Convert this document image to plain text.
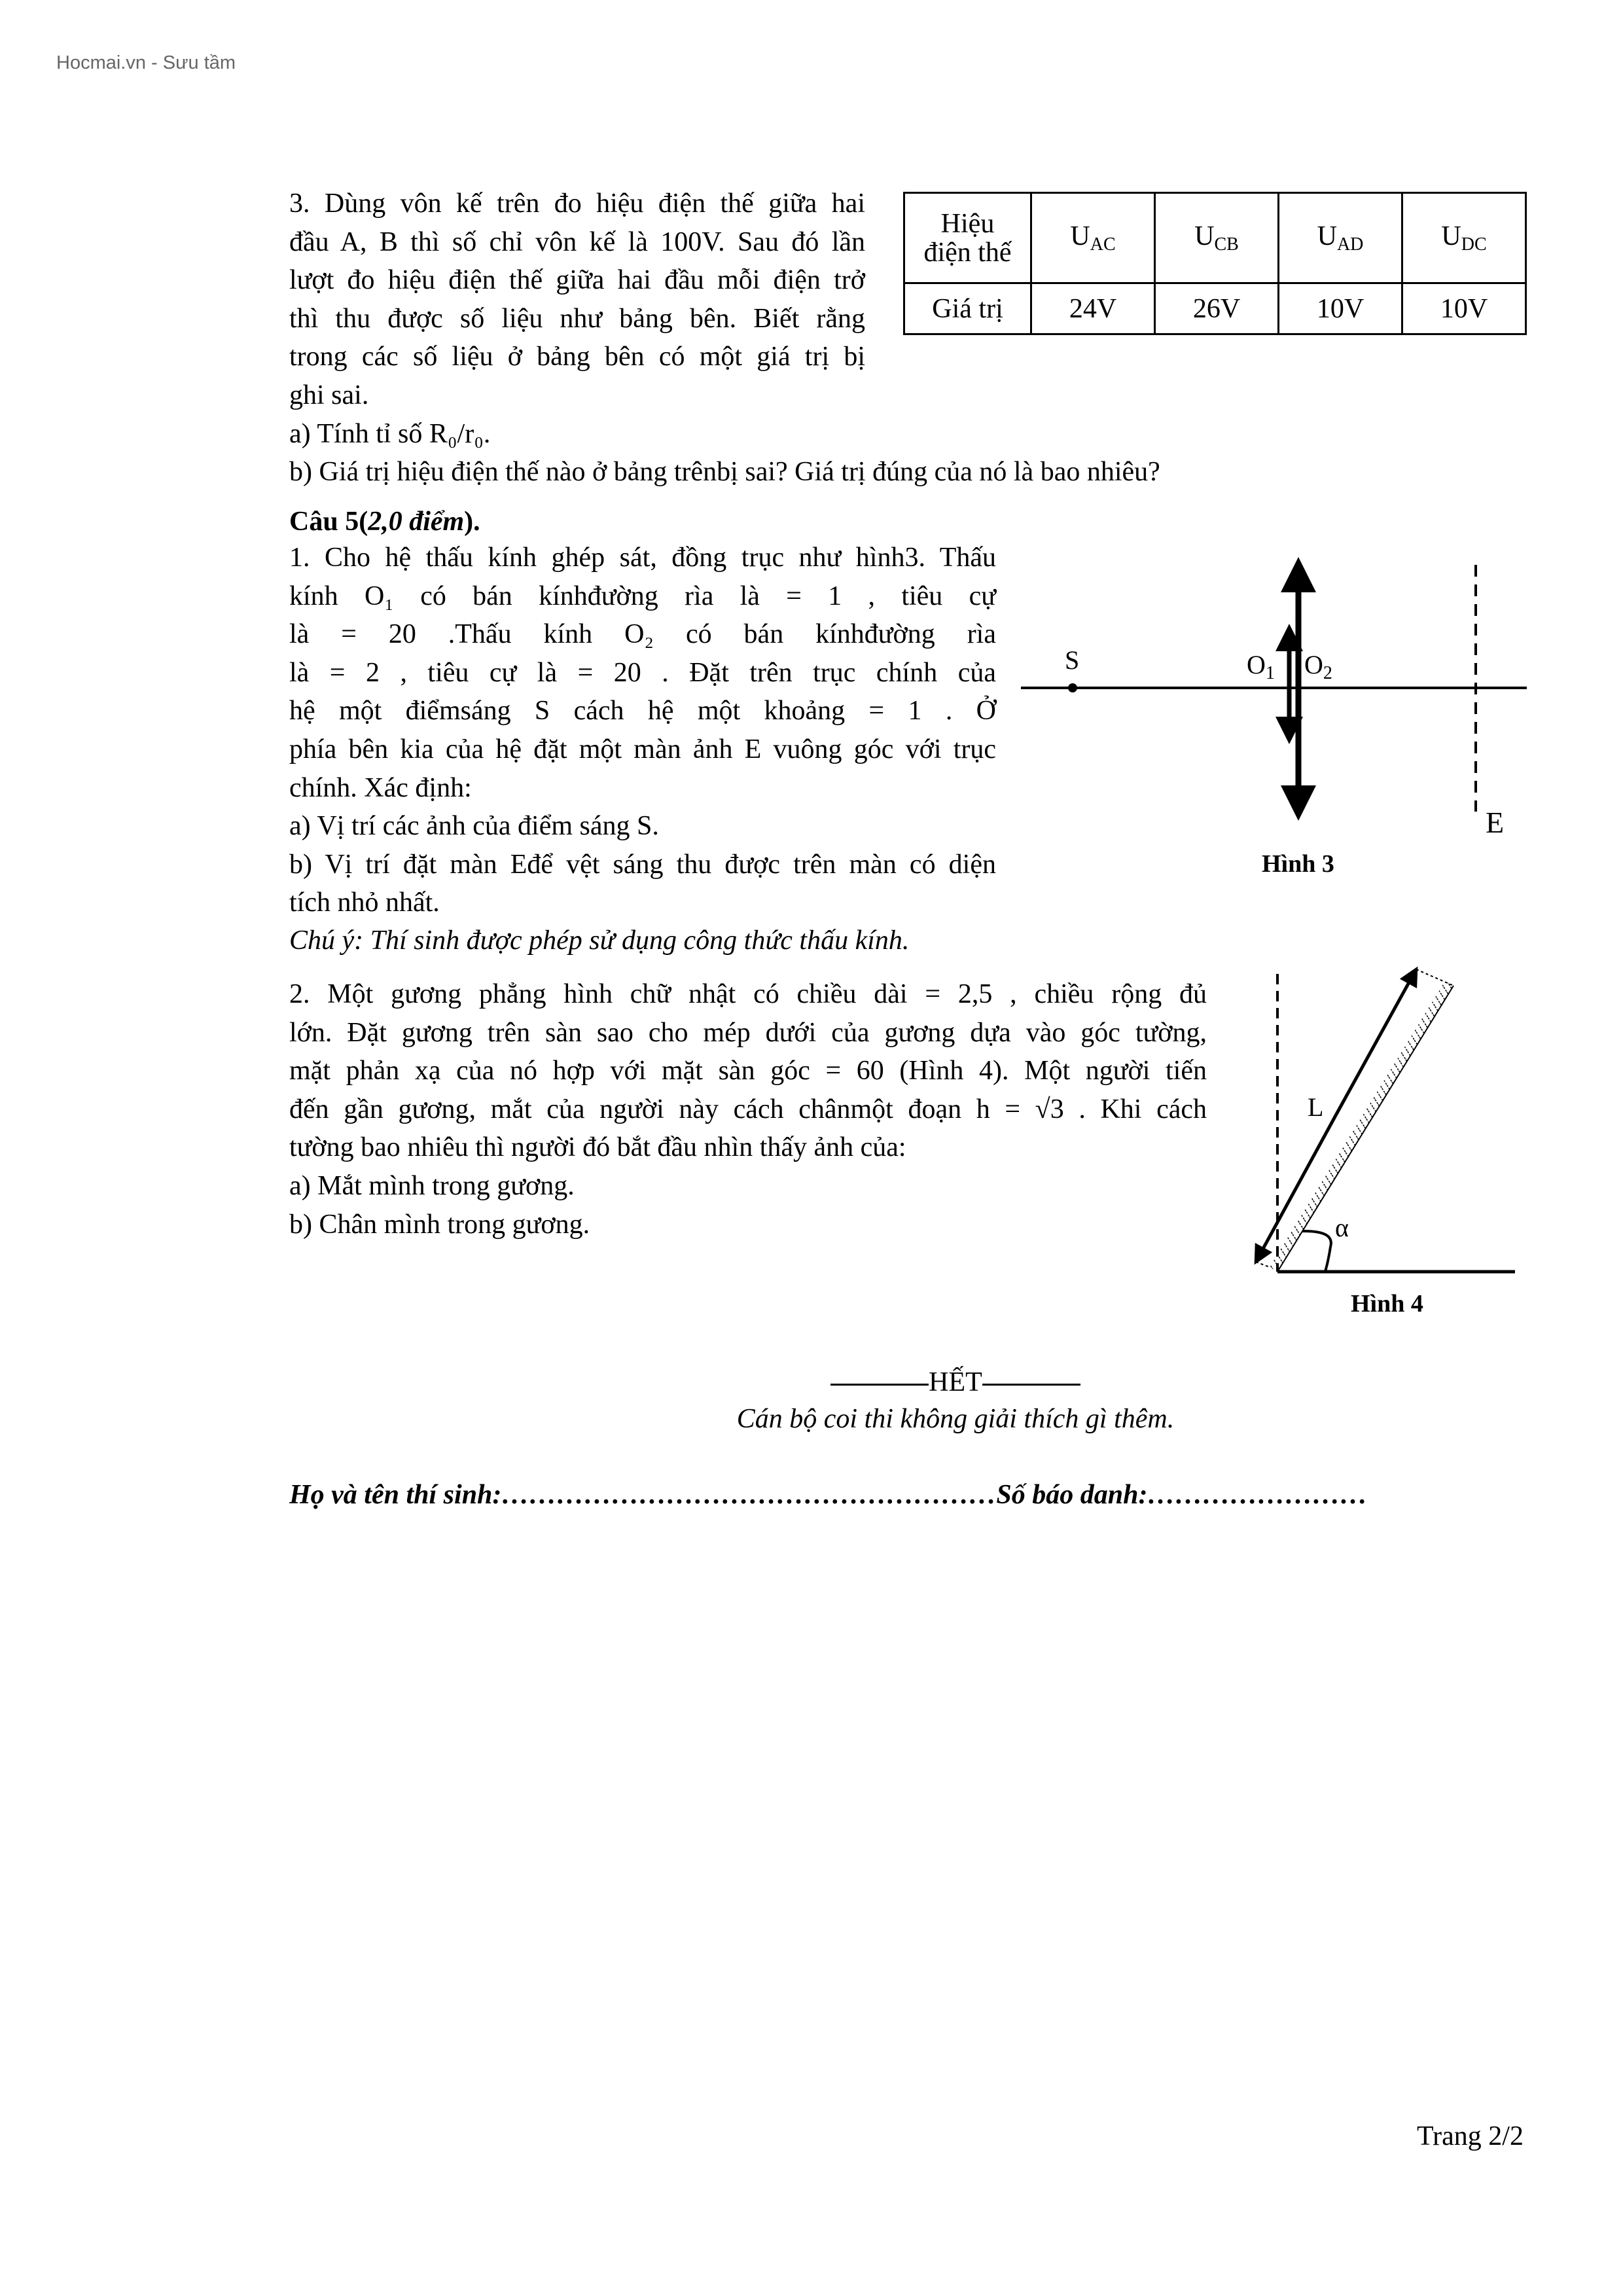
Hocmai.vn - Sưu tầm
3. Dùng vôn kế trên đo hiệu điện thế giữa hai
đầu A, B thì số chỉ vôn kế là 100V. Sau đó lần
lượt đo hiệu điện thế giữa hai đầu mỗi điện trở
thì thu được số liệu như bảng bên. Biết rằng
trong các số liệu ở bảng bên có một giá trị bị
ghi sai.
a) Tính tỉ số R₀/r₀.
b) Giá trị hiệu điện thế nào ở bảng trênbị sai? Giá trị đúng của nó là bao nhiêu?
Hiệu
điện thế	$U_{AC}$	$U_{CB}$	$U_{AD}$	$U_{DC}$
Giá trị	24V	26V	10V	10V
Câu 5(2,0 điểm).
1. Cho hệ thấu kính ghép sát, đồng trục như hình3. Thấu
kính O₁ có bán kínhđường rìa là = 1 , tiêu cự
là = 20 .Thấu kính O₂ có bán kínhđường rìa
là = 2 , tiêu cự là = 20 . Đặt trên trục chính của
hệ một điểmsáng S cách hệ một khoảng = 1 . Ở
phía bên kia của hệ đặt một màn ảnh E vuông góc với trục
chính. Xác định:
a) Vị trí các ảnh của điểm sáng S.
b) Vị trí đặt màn Eđể vệt sáng thu được trên màn có diện
tích nhỏ nhất.
Chú ý: Thí sinh được phép sử dụng công thức thấu kính.
2. Một gương phẳng hình chữ nhật có chiều dài = 2,5 , chiều rộng đủ
lớn. Đặt gương trên sàn sao cho mép dưới của gương dựa vào góc tường,
mặt phản xạ của nó hợp với mặt sàn góc = 60 (Hình 4). Một người tiến
đến gần gương, mắt của người này cách chânmột đoạn h = √3 . Khi cách
tường bao nhiêu thì người đó bắt đầu nhìn thấy ảnh của:
a) Mắt mình trong gương.
b) Chân mình trong gương.
S	$O_1$ $O_2$
E
Hình 3
L
α
Hình 4
HẾT
Cán bộ coi thi không giải thích gì thêm.
Họ và tên thí sinh:………………………………………………Số báo danh:……………………
Trang 2/2
